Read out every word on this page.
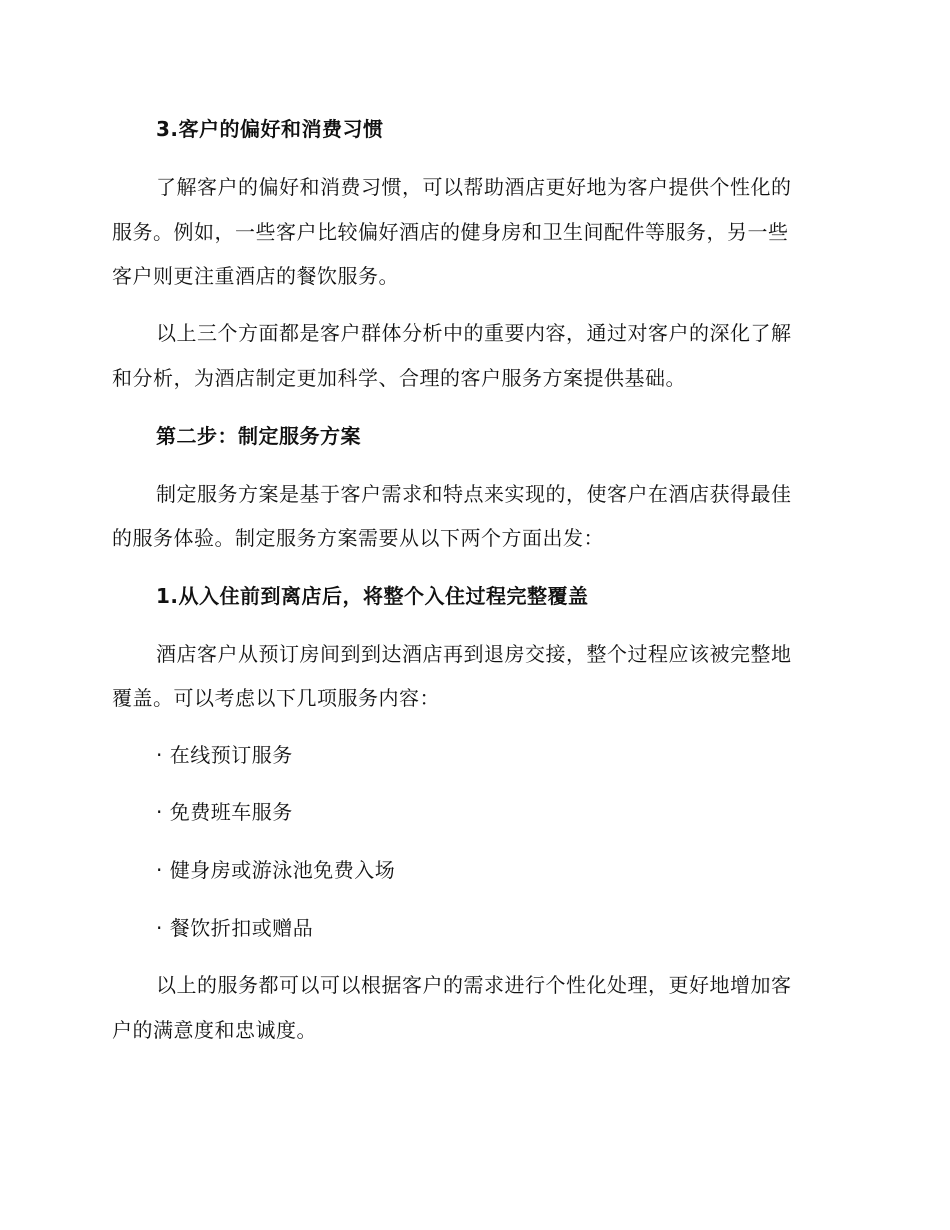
3.客户的偏好和消费习惯
了解客户的偏好和消费习惯，可以帮助酒店更好地为客户提供个性化的
服务。例如，一些客户比较偏好酒店的健身房和卫生间配件等服务，另一些
客户则更注重酒店的餐饮服务。
以上三个方面都是客户群体分析中的重要内容，通过对客户的深化了解
和分析，为酒店制定更加科学、合理的客户服务方案提供基础。
第二步：制定服务方案
制定服务方案是基于客户需求和特点来实现的，使客户在酒店获得最佳
的服务体验。制定服务方案需要从以下两个方面出发：
1.从入住前到离店后，将整个入住过程完整覆盖
酒店客户从预订房间到到达酒店再到退房交接，整个过程应该被完整地
覆盖。可以考虑以下几项服务内容：
· 在线预订服务
· 免费班车服务
· 健身房或游泳池免费入场
· 餐饮折扣或赠品
以上的服务都可以可以根据客户的需求进行个性化处理，更好地增加客
户的满意度和忠诚度。
